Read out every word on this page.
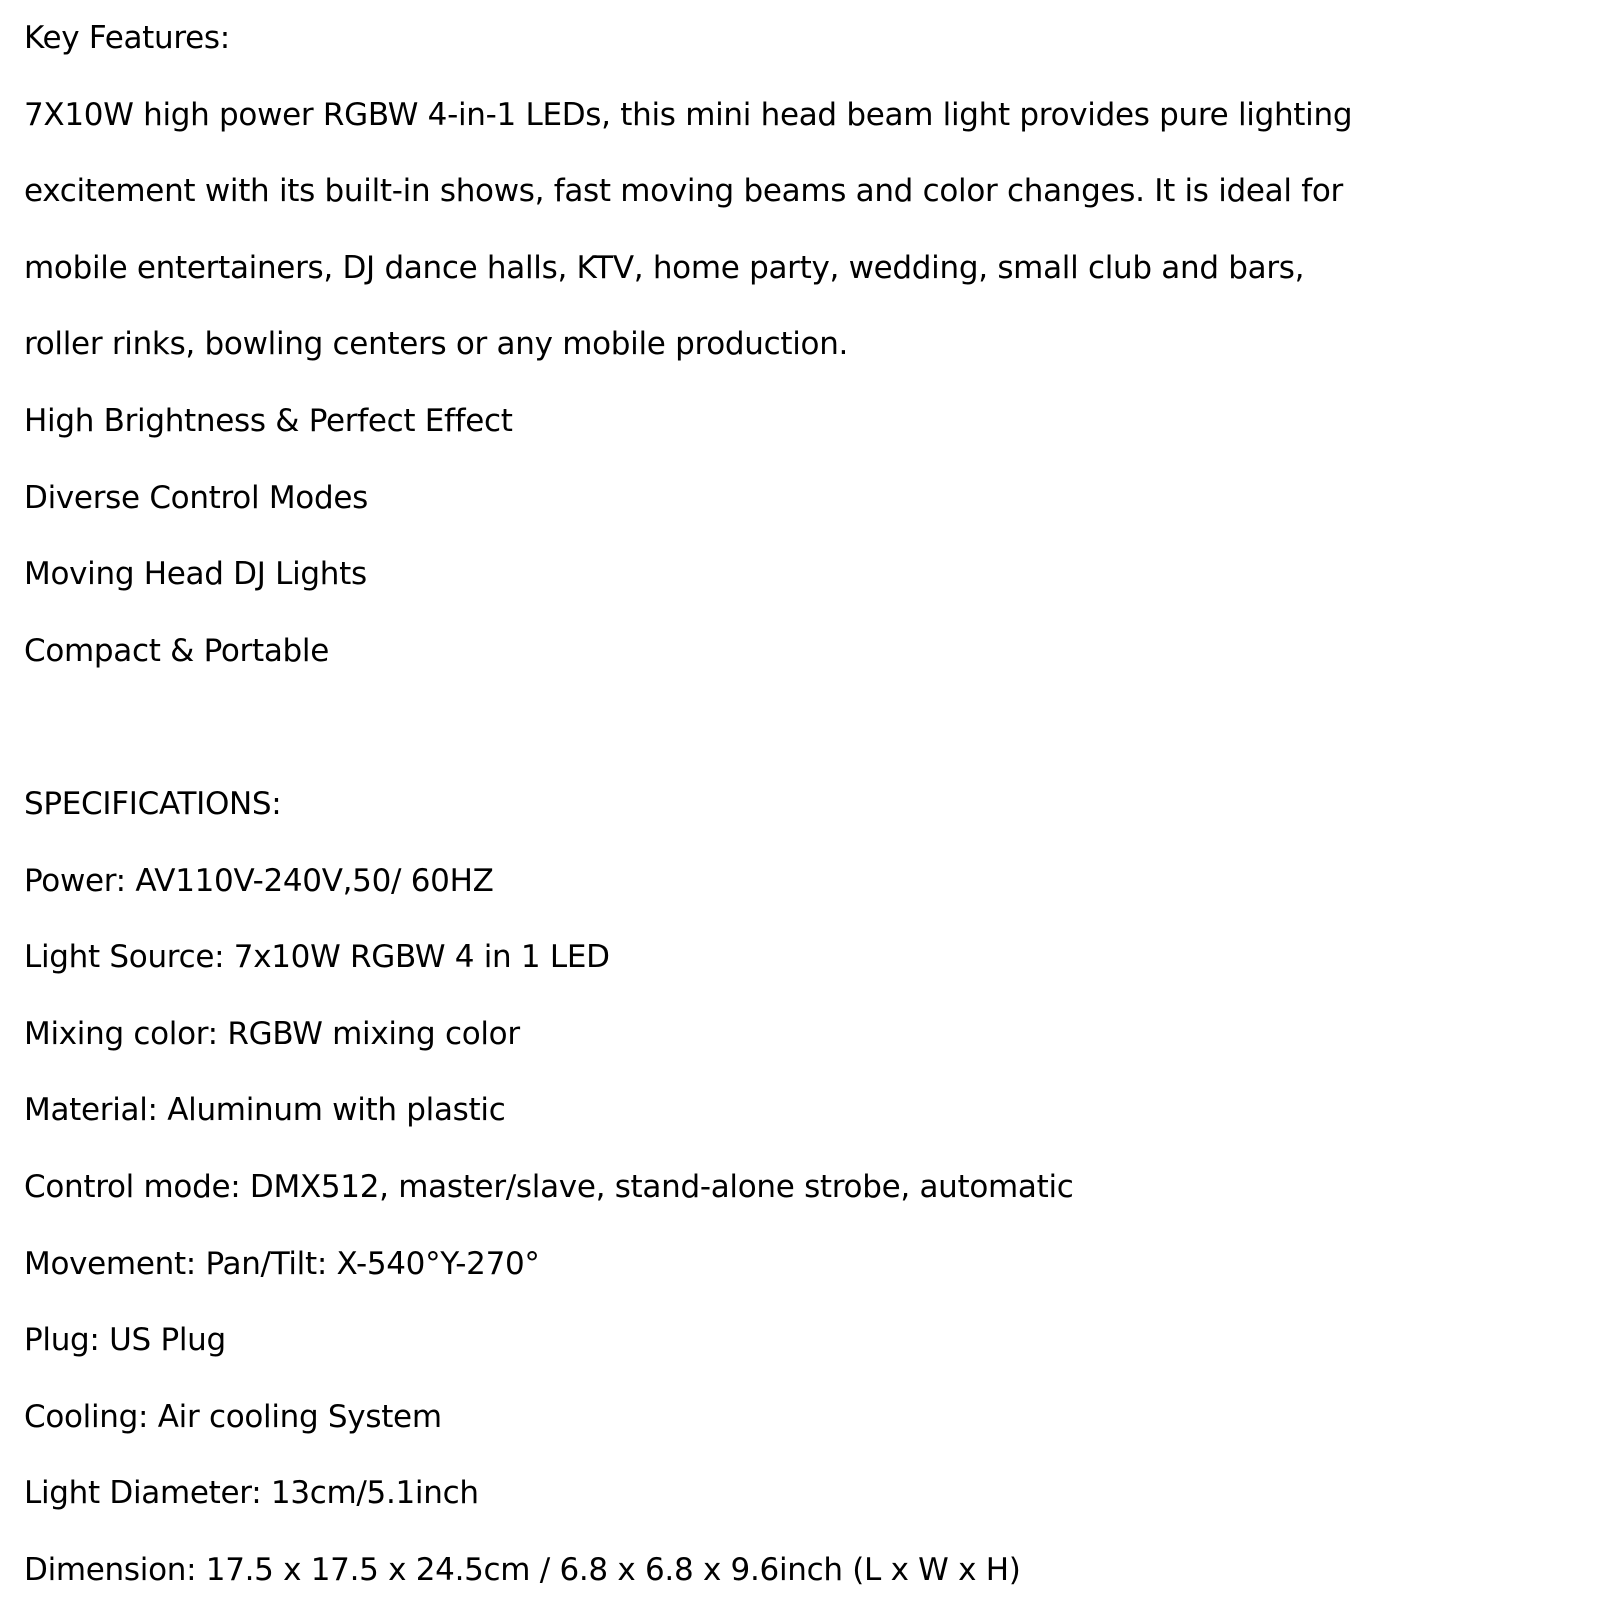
Key Features:
7X10W high power RGBW 4-in-1 LEDs, this mini head beam light provides pure lighting
excitement with its built-in shows, fast moving beams and color changes. It is ideal for
mobile entertainers, DJ dance halls, KTV, home party, wedding, small club and bars,
roller rinks, bowling centers or any mobile production.
High Brightness & Perfect Effect
Diverse Control Modes
Moving Head DJ Lights
Compact & Portable
SPECIFICATIONS:
Power: AV110V-240V,50/ 60HZ
Light Source: 7x10W RGBW 4 in 1 LED
Mixing color: RGBW mixing color
Material: Aluminum with plastic
Control mode: DMX512, master/slave, stand-alone strobe, automatic
Movement: Pan/Tilt: X-540°Y-270°
Plug: US Plug
Cooling: Air cooling System
Light Diameter: 13cm/5.1inch
Dimension: 17.5 x 17.5 x 24.5cm / 6.8 x 6.8 x 9.6inch (L x W x H)
